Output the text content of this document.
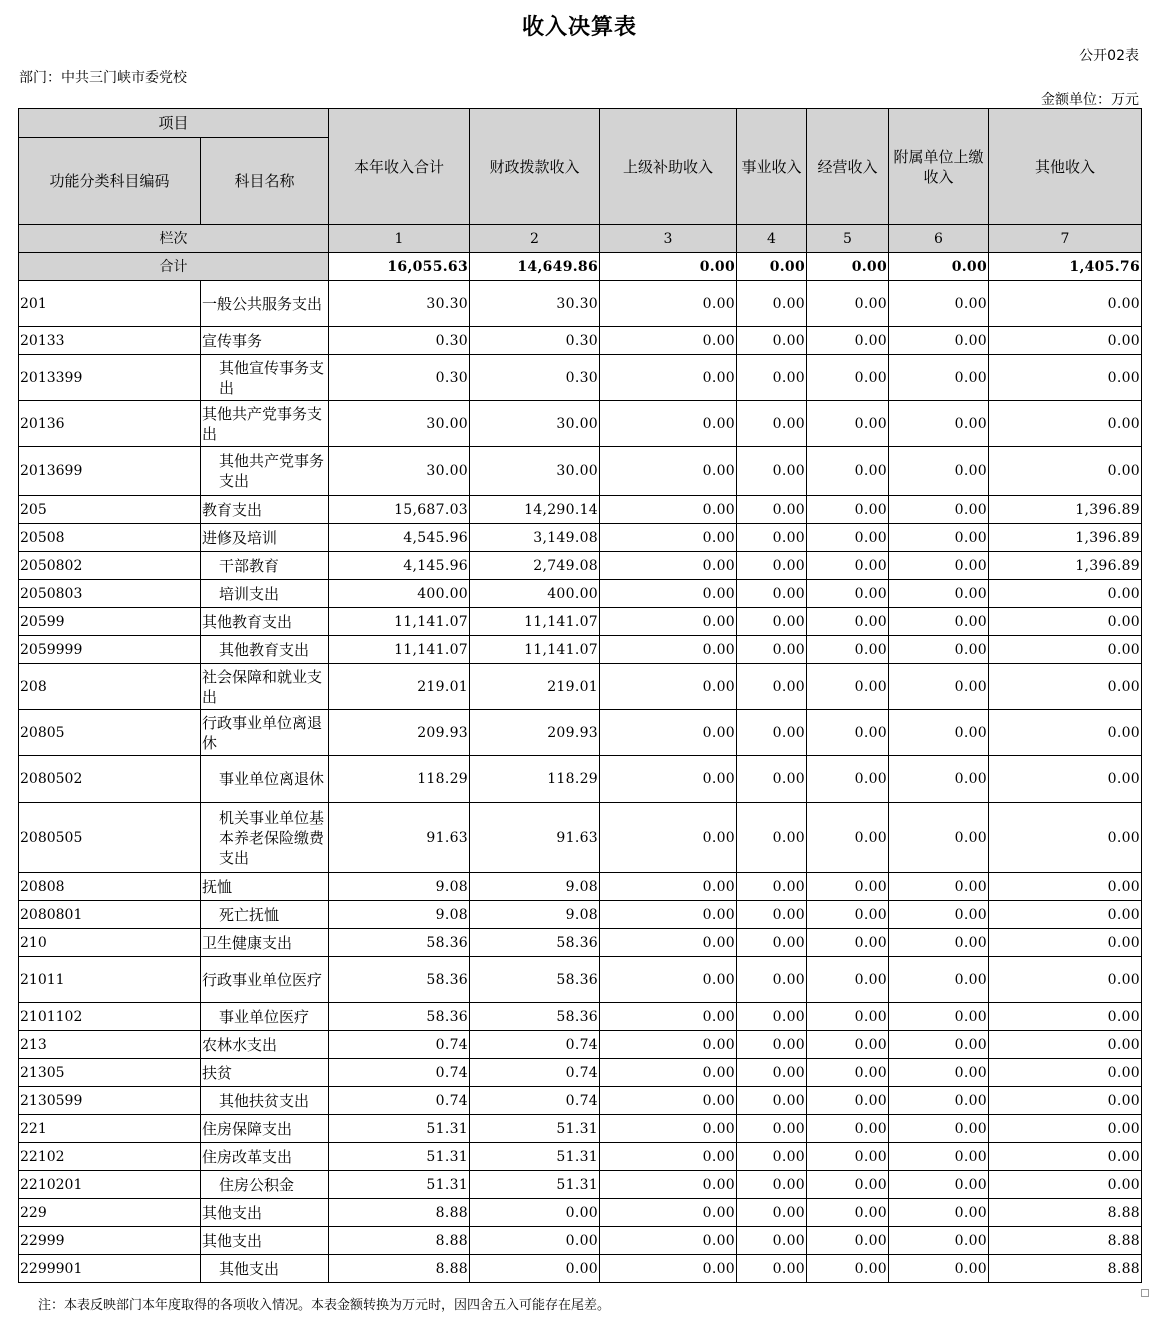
收入决算表
公开02表
部门：中共三门峡市委党校
金额单位：万元
项目		本年收入合计	财政拨款收入	上级补助收入	事业收入	经营收入	附属单位上缴收入	其他收入
功能分类科目编码	科目名称							
栏次		1	2	3	4	5	6	7
合计		16,055.63	14,649.86	0.00	0.00	0.00	0.00	1,405.76
201	一般公共服务支出	30.30	30.30	0.00	0.00	0.00	0.00	0.00
20133	宣传事务	0.30	0.30	0.00	0.00	0.00	0.00	0.00
2013399	其他宣传事务支出	0.30	0.30	0.00	0.00	0.00	0.00	0.00
20136	其他共产党事务支出	30.00	30.00	0.00	0.00	0.00	0.00	0.00
2013699	其他共产党事务支出	30.00	30.00	0.00	0.00	0.00	0.00	0.00
205	教育支出	15,687.03	14,290.14	0.00	0.00	0.00	0.00	1,396.89
20508	进修及培训	4,545.96	3,149.08	0.00	0.00	0.00	0.00	1,396.89
2050802	干部教育	4,145.96	2,749.08	0.00	0.00	0.00	0.00	1,396.89
2050803	培训支出	400.00	400.00	0.00	0.00	0.00	0.00	0.00
20599	其他教育支出	11,141.07	11,141.07	0.00	0.00	0.00	0.00	0.00
2059999	其他教育支出	11,141.07	11,141.07	0.00	0.00	0.00	0.00	0.00
208	社会保障和就业支出	219.01	219.01	0.00	0.00	0.00	0.00	0.00
20805	行政事业单位离退休	209.93	209.93	0.00	0.00	0.00	0.00	0.00
2080502	事业单位离退休	118.29	118.29	0.00	0.00	0.00	0.00	0.00
2080505	机关事业单位基本养老保险缴费支出	91.63	91.63	0.00	0.00	0.00	0.00	0.00
20808	抚恤	9.08	9.08	0.00	0.00	0.00	0.00	0.00
2080801	死亡抚恤	9.08	9.08	0.00	0.00	0.00	0.00	0.00
210	卫生健康支出	58.36	58.36	0.00	0.00	0.00	0.00	0.00
21011	行政事业单位医疗	58.36	58.36	0.00	0.00	0.00	0.00	0.00
2101102	事业单位医疗	58.36	58.36	0.00	0.00	0.00	0.00	0.00
213	农林水支出	0.74	0.74	0.00	0.00	0.00	0.00	0.00
21305	扶贫	0.74	0.74	0.00	0.00	0.00	0.00	0.00
2130599	其他扶贫支出	0.74	0.74	0.00	0.00	0.00	0.00	0.00
221	住房保障支出	51.31	51.31	0.00	0.00	0.00	0.00	0.00
22102	住房改革支出	51.31	51.31	0.00	0.00	0.00	0.00	0.00
2210201	住房公积金	51.31	51.31	0.00	0.00	0.00	0.00	0.00
229	其他支出	8.88	0.00	0.00	0.00	0.00	0.00	8.88
22999	其他支出	8.88	0.00	0.00	0.00	0.00	0.00	8.88
2299901	其他支出	8.88	0.00	0.00	0.00	0.00	0.00	8.88
注：本表反映部门本年度取得的各项收入情况。本表金额转换为万元时，因四舍五入可能存在尾差。
